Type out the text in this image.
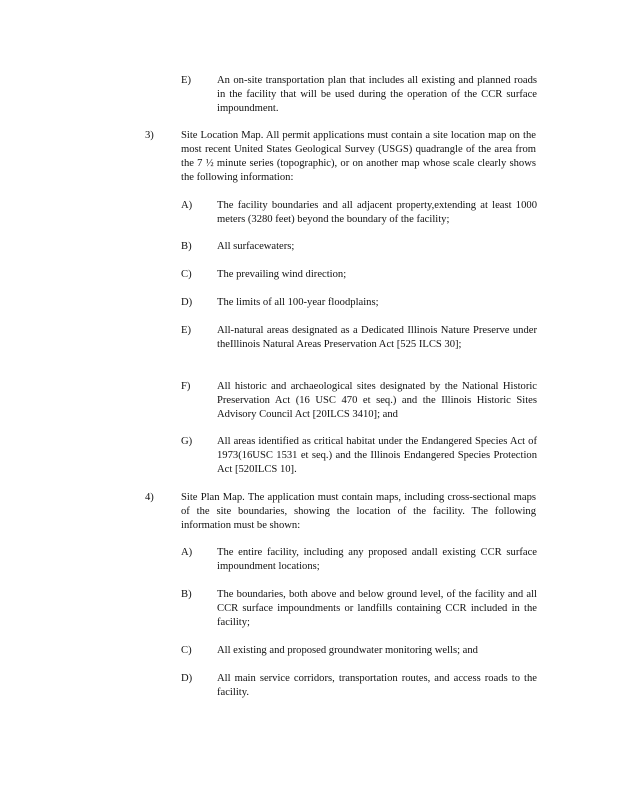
E)	An on-site transportation plan that includes all existing and planned roads in the facility that will be used during the operation of the CCR surface impoundment.
3)	Site Location Map. All permit applications must contain a site location map on the most recent United States Geological Survey (USGS) quadrangle of the area from the 7 ½ minute series (topographic), or on another map whose scale clearly shows the following information:
A)	The facility boundaries and all adjacent property,extending at least 1000 meters (3280 feet) beyond the boundary of the facility;
B)	All surfacewaters;
C)	The prevailing wind direction;
D)	The limits of all 100-year floodplains;
E)	All-natural areas designated as a Dedicated Illinois Nature Preserve under theIllinois Natural Areas Preservation Act [525 ILCS 30];
F)	All historic and archaeological sites designated by the National Historic Preservation Act (16 USC 470 et seq.) and the Illinois Historic Sites Advisory Council Act [20ILCS 3410]; and
G)	All areas identified as critical habitat under the Endangered Species Act of 1973(16USC 1531 et seq.) and the Illinois Endangered Species Protection Act [520ILCS 10].
4)	Site Plan Map. The application must contain maps, including cross-sectional maps of the site boundaries, showing the location of the facility. The following information must be shown:
A)	The entire facility, including any proposed andall existing CCR surface impoundment locations;
B)	The boundaries, both above and below ground level, of the facility and all CCR surface impoundments or landfills containing CCR included in the facility;
C)	All existing and proposed groundwater monitoring wells; and
D)	All main service corridors, transportation routes, and access roads to the facility.
